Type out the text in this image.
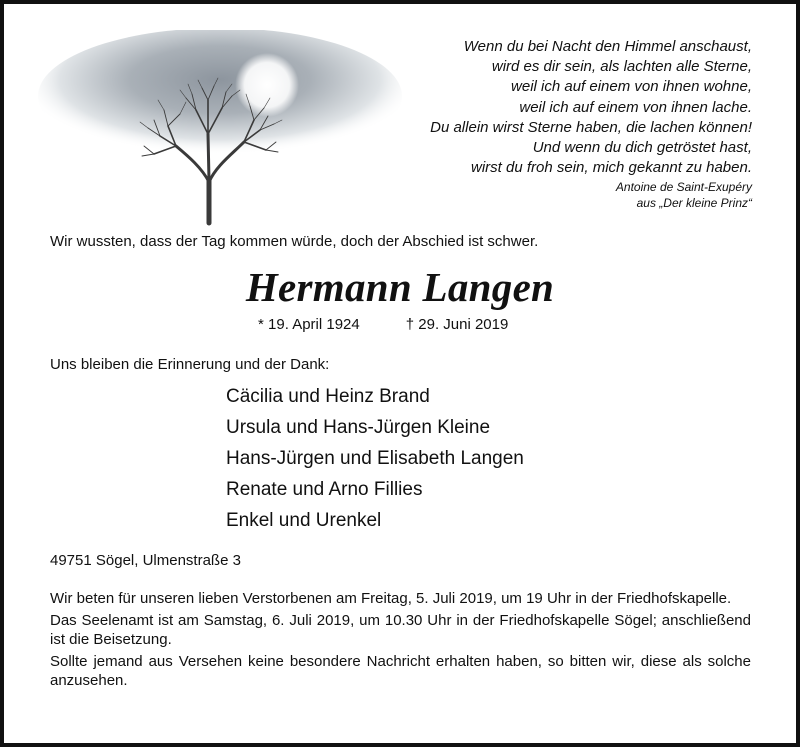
Wenn du bei Nacht den Himmel anschaust,
wird es dir sein, als lachten alle Sterne,
weil ich auf einem von ihnen wohne,
weil ich auf einem von ihnen lache.
Du allein wirst Sterne haben, die lachen können!
Und wenn du dich getröstet hast,
wirst du froh sein, mich gekannt zu haben.
Antoine de Saint-Exupéry
aus „Der kleine Prinz“
Wir wussten, dass der Tag kommen würde, doch der Abschied ist schwer.
Hermann Langen
* 19. April 1924	† 29. Juni 2019
Uns bleiben die Erinnerung und der Dank:
Cäcilia und Heinz Brand
Ursula und Hans-Jürgen Kleine
Hans-Jürgen und Elisabeth Langen
Renate und Arno Fillies
Enkel und Urenkel
49751 Sögel, Ulmenstraße 3

Wir beten für unseren lieben Verstorbenen am Freitag, 5. Juli 2019, um 19 Uhr in der Friedhofskapelle.

Das Seelenamt ist am Samstag, 6. Juli 2019, um 10.30 Uhr in der Friedhofskapelle Sögel; anschließend ist die Beisetzung.

Sollte jemand aus Versehen keine besondere Nachricht erhalten haben, so bitten wir, diese als solche anzusehen.
